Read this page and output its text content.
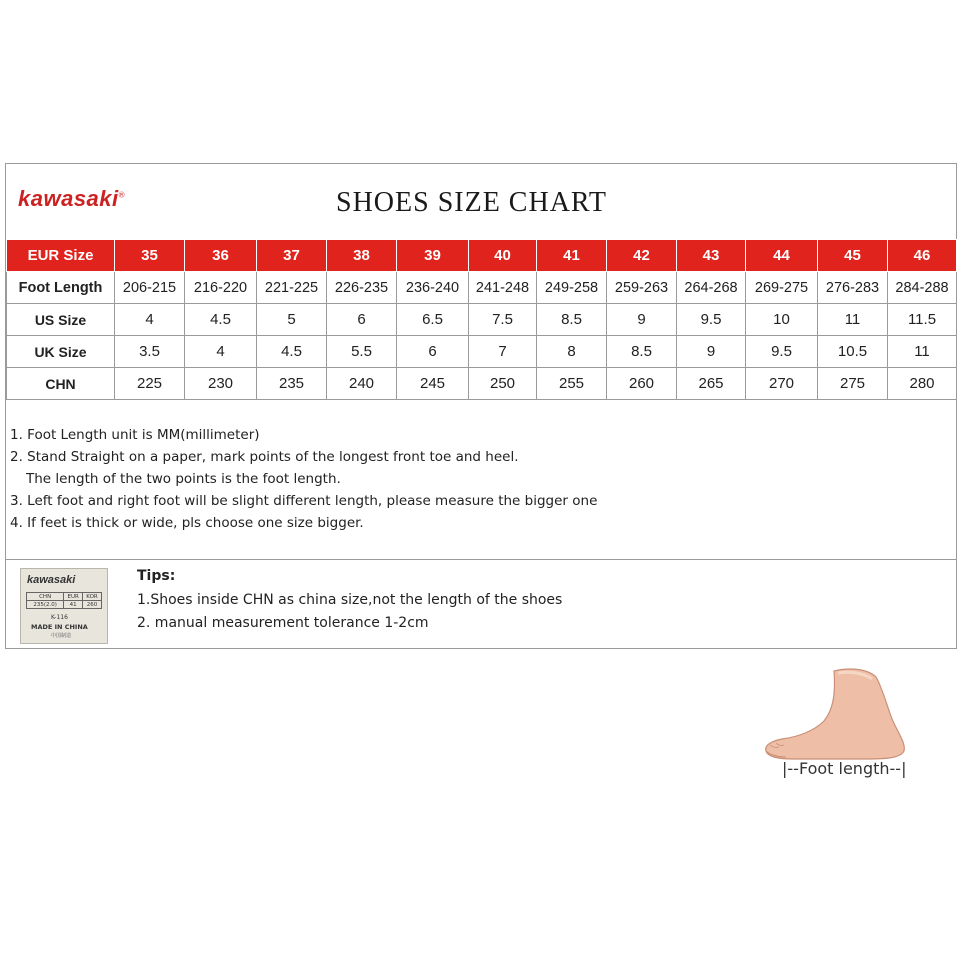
kawasaki®	SHOES SIZE CHART
EUR Size	35	36	37	38	39	40	41	42	43	44	45	46
Foot Length	206-215	216-220	221-225	226-235	236-240	241-248	249-258	259-263	264-268	269-275	276-283	284-288
US Size	4	4.5	5	6	6.5	7.5	8.5	9	9.5	10	11	11.5
UK Size	3.5	4	4.5	5.5	6	7	8	8.5	9	9.5	10.5	11
CHN	225	230	235	240	245	250	255	260	265	270	275	280
1. Foot Length unit is MM(millimeter)
2. Stand Straight on a paper, mark points of the longest front toe and heel.
The length of the two points is the foot length.
3. Left foot and right foot will be slight different length, please measure the bigger one
4. If feet is thick or wide, pls choose one size bigger.
|--Foot length--|
kawasaki
CHN	EUR	KOR
235(2.0)	41	260
K-116
MADE IN CHINA
中国制造
Tips:
1.Shoes inside CHN as china size,not the length of the shoes
2. manual measurement tolerance 1-2cm
